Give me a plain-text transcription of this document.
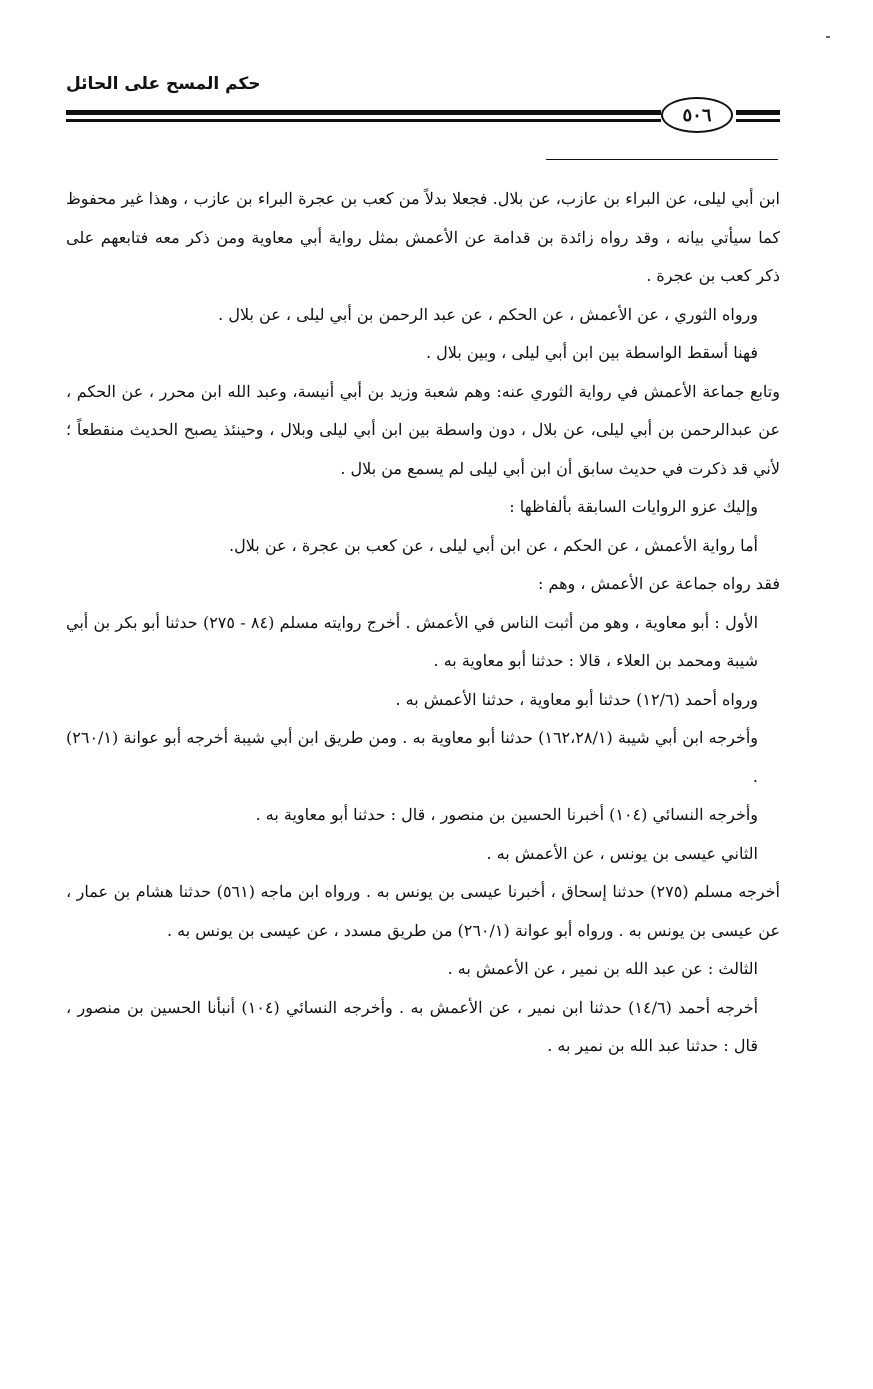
حكم المسح على الحائل
٥٠٦

ابن أبي ليلى، عن البراء بن عازب، عن بلال. فجعلا بدلاً من كعب بن عجرة البراء بن عازب ، وهذا غير محفوظ كما سيأتي بيانه ، وقد رواه زائدة بن قدامة عن الأعمش بمثل رواية أبي معاوية ومن ذكر معه فتابعهم على ذكر كعب بن عجرة .

ورواه الثوري ، عن الأعمش ، عن الحكم ، عن عبد الرحمن بن أبي ليلى ، عن بلال .

فهنا أسقط الواسطة بين ابن أبي ليلى ، وبين بلال .

وتابع جماعة الأعمش في رواية الثوري عنه: وهم شعبة وزيد بن أبي أنيسة، وعبد الله ابن محرر ، عن الحكم ، عن عبدالرحمن بن أبي ليلى، عن بلال ، دون واسطة بين ابن أبي ليلى وبلال ، وحينئذ يصبح الحديث منقطعاً ؛ لأني قد ذكرت في حديث سابق أن ابن أبي ليلى لم يسمع من بلال .

وإليك عزو الروايات السابقة بألفاظها :

أما رواية الأعمش ، عن الحكم ، عن ابن أبي ليلى ، عن كعب بن عجرة ، عن بلال.

فقد رواه جماعة عن الأعمش ، وهم :

الأول : أبو معاوية ، وهو من أثبت الناس في الأعمش . أخرج روايته مسلم (٨٤ - ٢٧٥) حدثنا أبو بكر بن أبي شيبة ومحمد بن العلاء ، قالا : حدثنا أبو معاوية به .

ورواه أحمد (١٢/٦) حدثنا أبو معاوية ، حدثنا الأعمش به .

وأخرجه ابن أبي شيبة (١٦٢،٢٨/١) حدثنا أبو معاوية به . ومن طريق ابن أبي شيبة أخرجه أبو عوانة (٢٦٠/١) .

وأخرجه النسائي (١٠٤) أخبرنا الحسين بن منصور ، قال : حدثنا أبو معاوية به .

الثاني عيسى بن يونس ، عن الأعمش به .

أخرجه مسلم (٢٧٥) حدثنا إسحاق ، أخبرنا عيسى بن يونس به . ورواه ابن ماجه (٥٦١) حدثنا هشام بن عمار ، عن عيسى بن يونس به . ورواه أبو عوانة (٢٦٠/١) من طريق مسدد ، عن عيسى بن يونس به .

الثالث : عن عبد الله بن نمير ، عن الأعمش به .

أخرجه أحمد (١٤/٦) حدثنا ابن نمير ، عن الأعمش به . وأخرجه النسائي (١٠٤) أنبأنا الحسين بن منصور ، قال : حدثنا عبد الله بن نمير به .
